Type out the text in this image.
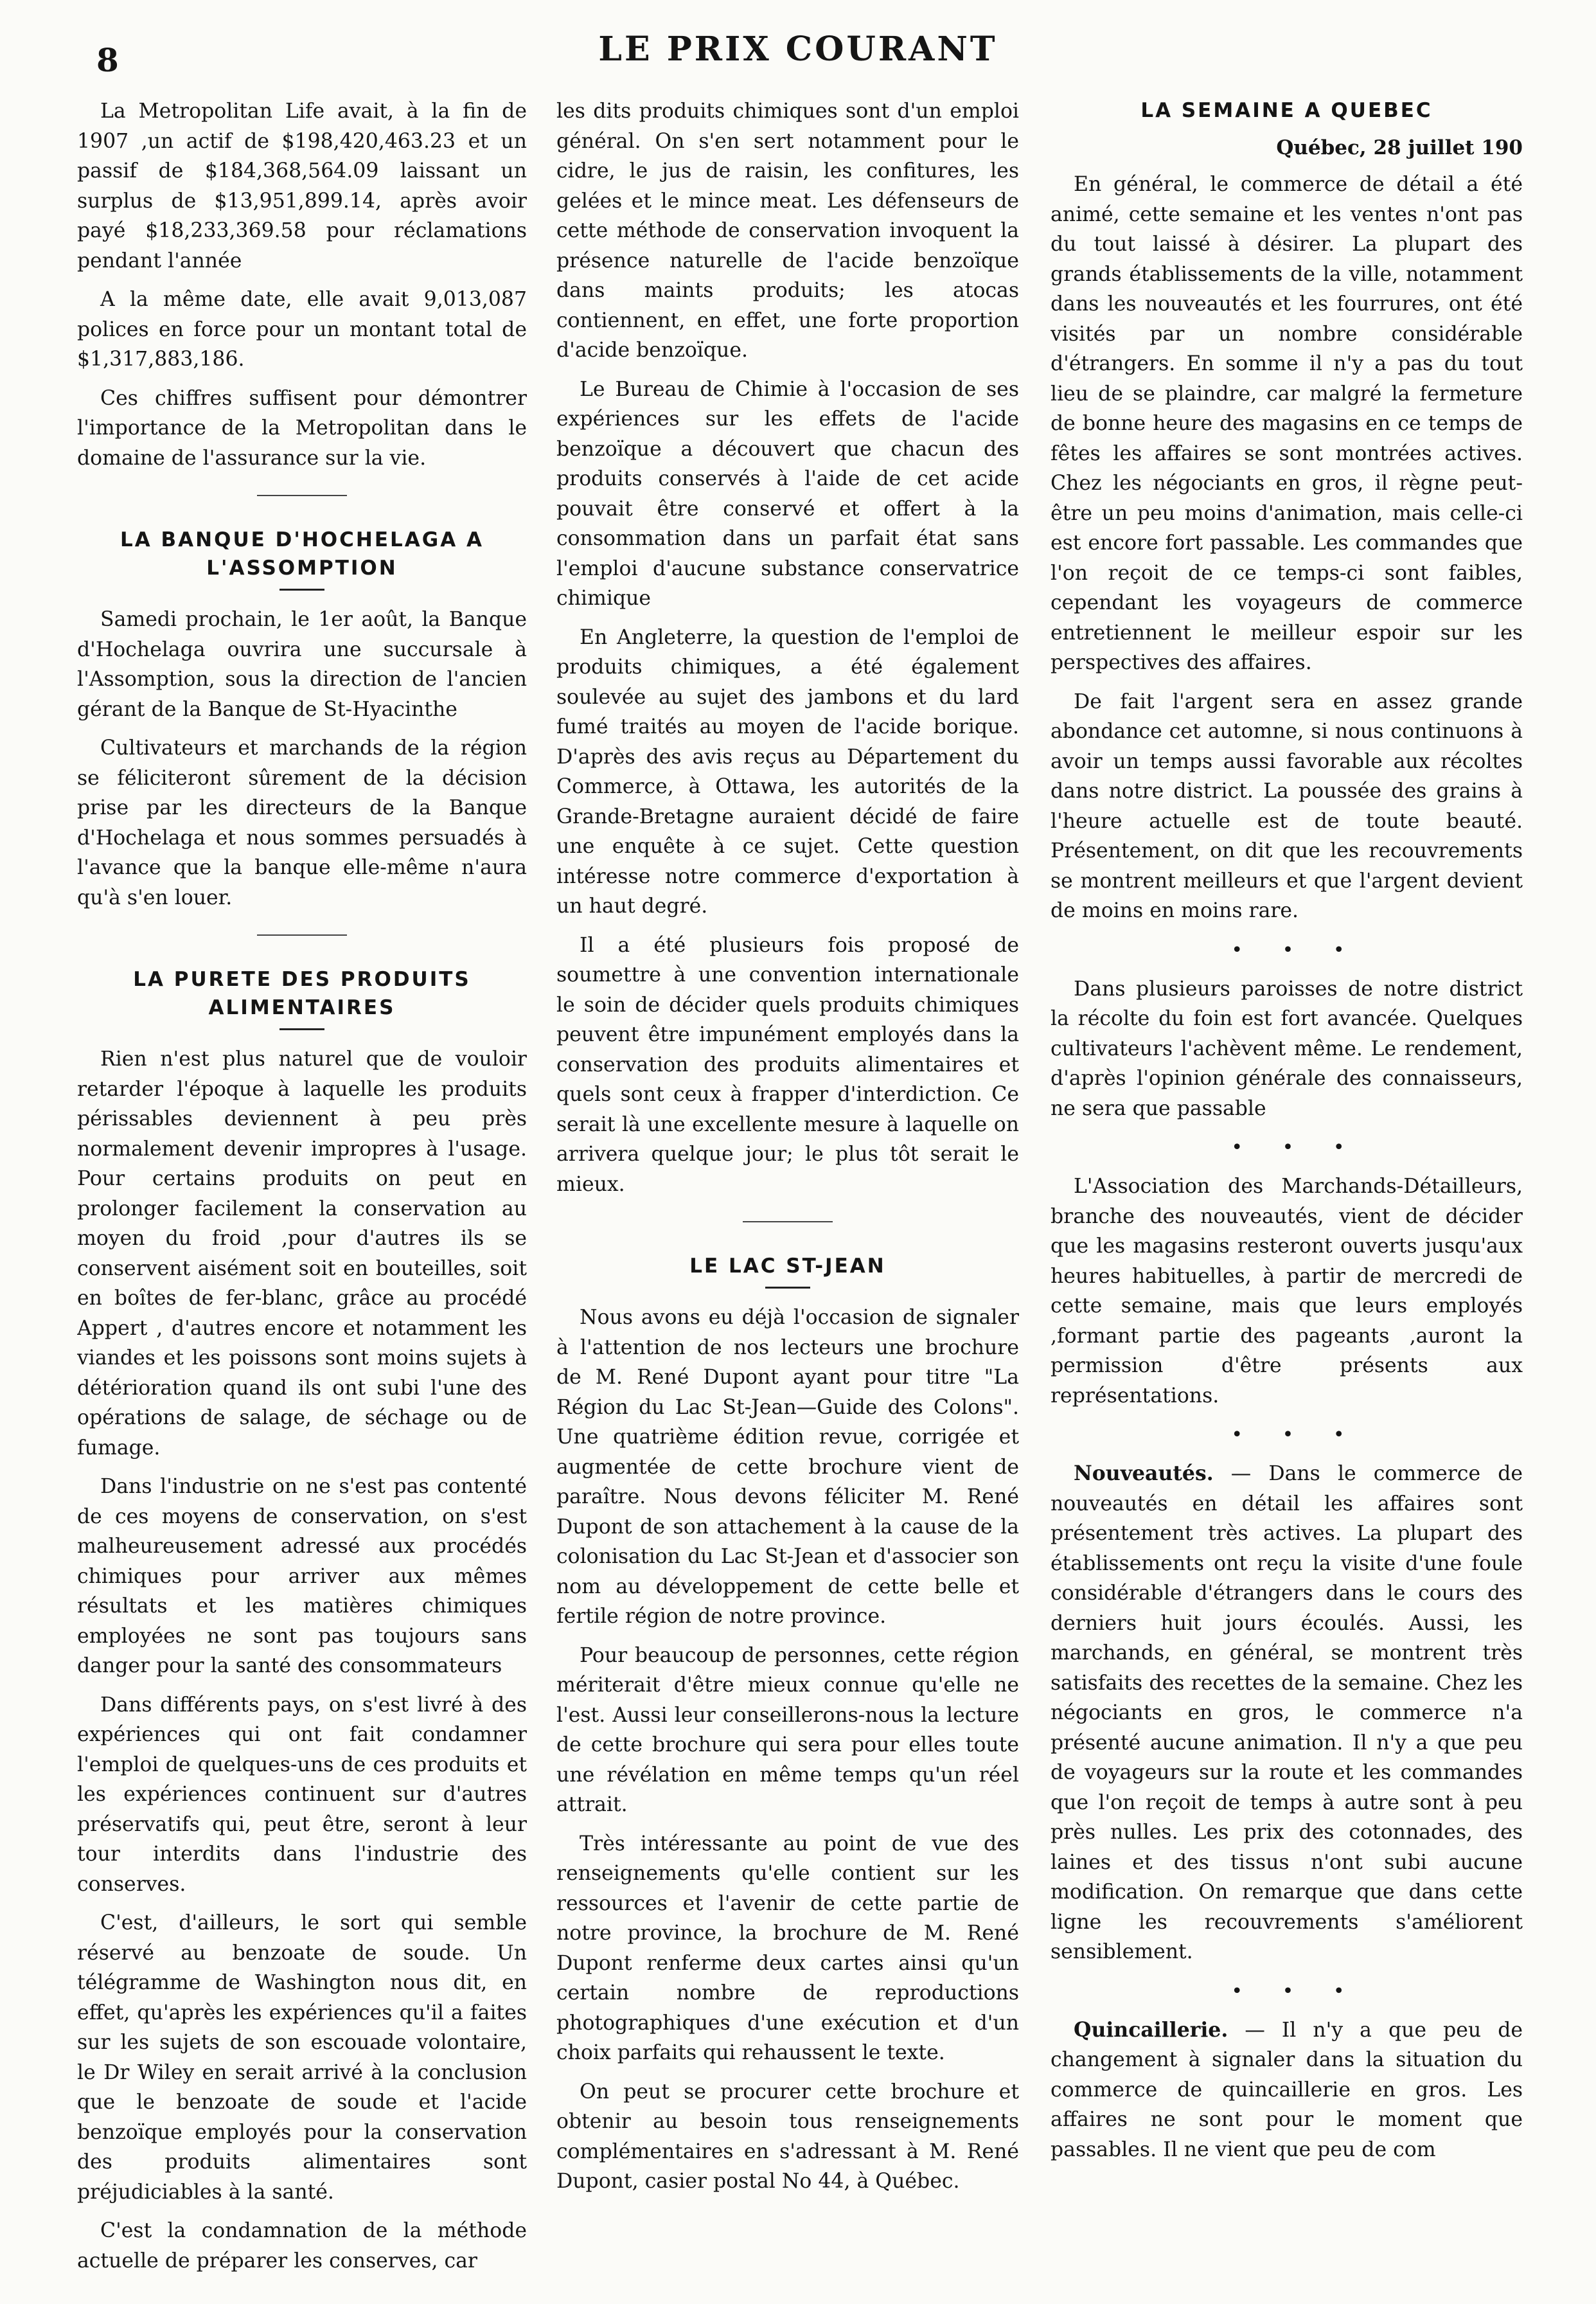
8	LE PRIX COURANT

La Metropolitan Life avait, à la fin de 1907 ,un actif de $198,420,463.23 et un passif de $184,368,564.09 laissant un surplus de $13,951,899.14, après avoir payé $18,233,369.58 pour réclamations pendant l'année

A la même date, elle avait 9,013,087 polices en force pour un montant total de $1,317,883,186.

Ces chiffres suffisent pour démontrer l'importance de la Metropolitan dans le domaine de l'assurance sur la vie.

LA BANQUE D'HOCHELAGA A L'ASSOMPTION

Samedi prochain, le 1er août, la Banque d'Hochelaga ouvrira une succursale à l'Assomption, sous la direction de l'ancien gérant de la Banque de St-Hyacinthe

Cultivateurs et marchands de la région se féliciteront sûrement de la décision prise par les directeurs de la Banque d'Hochelaga et nous sommes persuadés à l'avance que la banque elle-même n'aura qu'à s'en louer.

LA PURETE DES PRODUITS ALIMENTAIRES

Rien n'est plus naturel que de vouloir retarder l'époque à laquelle les produits périssables deviennent à peu près normalement devenir impropres à l'usage. Pour certains produits on peut en prolonger facilement la conservation au moyen du froid ,pour d'autres ils se conservent aisément soit en bouteilles, soit en boîtes de fer-blanc, grâce au procédé Appert , d'autres encore et notamment les viandes et les poissons sont moins sujets à détérioration quand ils ont subi l'une des opérations de salage, de séchage ou de fumage.

Dans l'industrie on ne s'est pas contenté de ces moyens de conservation, on s'est malheureusement adressé aux procédés chimiques pour arriver aux mêmes résultats et les matières chimiques employées ne sont pas toujours sans danger pour la santé des consommateurs

Dans différents pays, on s'est livré à des expériences qui ont fait condamner l'emploi de quelques-uns de ces produits et les expériences continuent sur d'autres préservatifs qui, peut être, seront à leur tour interdits dans l'industrie des conserves.

C'est, d'ailleurs, le sort qui semble réservé au benzoate de soude. Un télégramme de Washington nous dit, en effet, qu'après les expériences qu'il a faites sur les sujets de son escouade volontaire, le Dr Wiley en serait arrivé à la conclusion que le benzoate de soude et l'acide benzoïque employés pour la conservation des produits alimentaires sont préjudiciables à la santé.

C'est la condamnation de la méthode actuelle de préparer les conserves, car

les dits produits chimiques sont d'un emploi général. On s'en sert notamment pour le cidre, le jus de raisin, les confitures, les gelées et le mince meat. Les défenseurs de cette méthode de conservation invoquent la présence naturelle de l'acide benzoïque dans maints produits; les atocas contiennent, en effet, une forte proportion d'acide benzoïque.

Le Bureau de Chimie à l'occasion de ses expériences sur les effets de l'acide benzoïque a découvert que chacun des produits conservés à l'aide de cet acide pouvait être conservé et offert à la consommation dans un parfait état sans l'emploi d'aucune substance conservatrice chimique

En Angleterre, la question de l'emploi de produits chimiques, a été également soulevée au sujet des jambons et du lard fumé traités au moyen de l'acide borique. D'après des avis reçus au Département du Commerce, à Ottawa, les autorités de la Grande-Bretagne auraient décidé de faire une enquête à ce sujet. Cette question intéresse notre commerce d'exportation à un haut degré.

Il a été plusieurs fois proposé de soumettre à une convention internationale le soin de décider quels produits chimiques peuvent être impunément employés dans la conservation des produits alimentaires et quels sont ceux à frapper d'interdiction. Ce serait là une excellente mesure à laquelle on arrivera quelque jour; le plus tôt serait le mieux.

LE LAC ST-JEAN

Nous avons eu déjà l'occasion de signaler à l'attention de nos lecteurs une brochure de M. René Dupont ayant pour titre "La Région du Lac St-Jean—Guide des Colons". Une quatrième édition revue, corrigée et augmentée de cette brochure vient de paraître. Nous devons féliciter M. René Dupont de son attachement à la cause de la colonisation du Lac St-Jean et d'associer son nom au développement de cette belle et fertile région de notre province.

Pour beaucoup de personnes, cette région mériterait d'être mieux connue qu'elle ne l'est. Aussi leur conseillerons-nous la lecture de cette brochure qui sera pour elles toute une révélation en même temps qu'un réel attrait.

Très intéressante au point de vue des renseignements qu'elle contient sur les ressources et l'avenir de cette partie de notre province, la brochure de M. René Dupont renferme deux cartes ainsi qu'un certain nombre de reproductions photographiques d'une exécution et d'un choix parfaits qui rehaussent le texte.

On peut se procurer cette brochure et obtenir au besoin tous renseignements complémentaires en s'adressant à M. René Dupont, casier postal No 44, à Québec.

LA SEMAINE A QUEBEC
Québec, 28 juillet 190

En général, le commerce de détail a été animé, cette semaine et les ventes n'ont pas du tout laissé à désirer. La plupart des grands établissements de la ville, notamment dans les nouveautés et les fourrures, ont été visités par un nombre considérable d'étrangers. En somme il n'y a pas du tout lieu de se plaindre, car malgré la fermeture de bonne heure des magasins en ce temps de fêtes les affaires se sont montrées actives. Chez les négociants en gros, il règne peut-être un peu moins d'animation, mais celle-ci est encore fort passable. Les commandes que l'on reçoit de ce temps-ci sont faibles, cependant les voyageurs de commerce entretiennent le meilleur espoir sur les perspectives des affaires.

De fait l'argent sera en assez grande abondance cet automne, si nous continuons à avoir un temps aussi favorable aux récoltes dans notre district. La poussée des grains à l'heure actuelle est de toute beauté. Présentement, on dit que les recouvrements se montrent meilleurs et que l'argent devient de moins en moins rare.

• • •

Dans plusieurs paroisses de notre district la récolte du foin est fort avancée. Quelques cultivateurs l'achèvent même. Le rendement, d'après l'opinion générale des connaisseurs, ne sera que passable

• • •

L'Association des Marchands-Détailleurs, branche des nouveautés, vient de décider que les magasins resteront ouverts jusqu'aux heures habituelles, à partir de mercredi de cette semaine, mais que leurs employés ,formant partie des pageants ,auront la permission d'être présents aux représentations.

• • •

Nouveautés. — Dans le commerce de nouveautés en détail les affaires sont présentement très actives. La plupart des établissements ont reçu la visite d'une foule considérable d'étrangers dans le cours des derniers huit jours écoulés. Aussi, les marchands, en général, se montrent très satisfaits des recettes de la semaine. Chez les négociants en gros, le commerce n'a présenté aucune animation. Il n'y a que peu de voyageurs sur la route et les commandes que l'on reçoit de temps à autre sont à peu près nulles. Les prix des cotonnades, des laines et des tissus n'ont subi aucune modification. On remarque que dans cette ligne les recouvrements s'améliorent sensiblement.

• • •

Quincaillerie. — Il n'y a que peu de changement à signaler dans la situation du commerce de quincaillerie en gros. Les affaires ne sont pour le moment que passables. Il ne vient que peu de com
